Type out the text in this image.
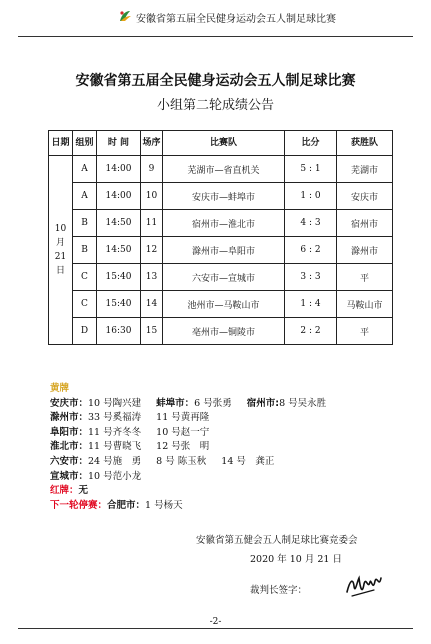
安徽省第五届全民健身运动会五人制足球比赛
安徽省第五届全民健身运动会五人制足球比赛
小组第二轮成绩公告
日期	组别	时 间	场序	比赛队	比分	获胜队

10
月
21
日	A	14:00	9	芜湖市—省直机关	5 : 1	芜湖市
	A	14:00	10	安庆市—蚌埠市	1 : 0	安庆市
	B	14:50	11	宿州市—淮北市	4 : 3	宿州市
	B	14:50	12	滁州市—阜阳市	6 : 2	滁州市
	C	15:40	13	六安市—宣城市	3 : 3	平
	C	15:40	14	池州市—马鞍山市	1 : 4	马鞍山市
	D	16:30	15	亳州市—铜陵市	2 : 2	平
黄牌
安庆市：10 号陶兴建 蚌埠市：6 号张勇 宿州市:8 号吴永胜
滁州市：33 号奚福涛 11 号黄再隆
阜阳市：11 号齐冬冬 10 号赵一宁
淮北市：11 号曹晓飞 12 号张　明
六安市：24 号施　勇 8 号 陈玉秋 14 号　龚正
宣城市：10 号范小龙
红牌：无
下一轮停赛：合肥市：1 号杨天
安徽省第五健会五人制足球比赛竞委会
2020 年 10 月 21 日
裁判长签字：
-2-
